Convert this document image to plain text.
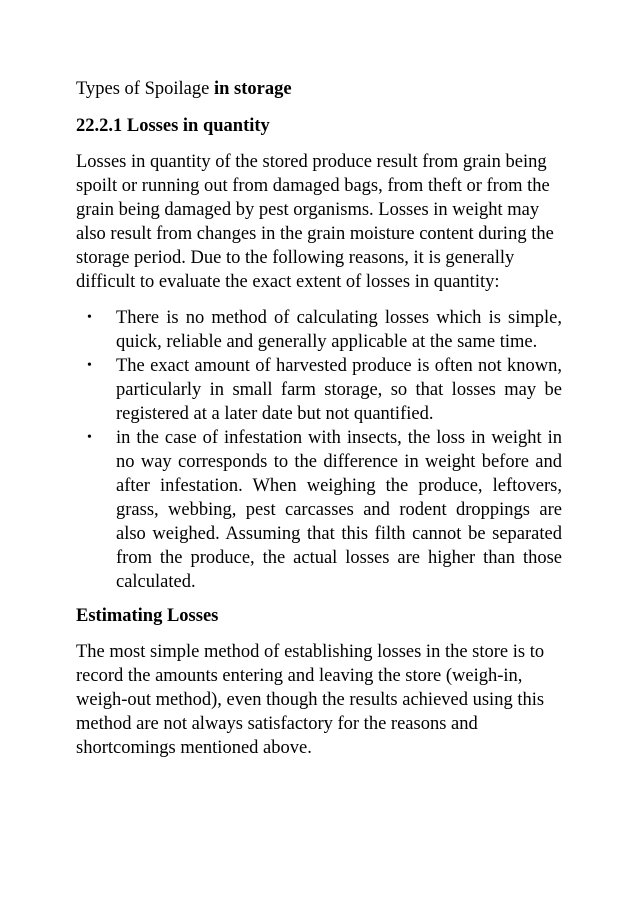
Types of Spoilage in storage
22.2.1 Losses in quantity

Losses in quantity of the stored produce result from grain being spoilt or running out from damaged bags, from theft or from the grain being damaged by pest organisms. Losses in weight may also result from changes in the grain moisture content during the storage period. Due to the following reasons, it is generally difficult to evaluate the exact extent of losses in quantity:

• There is no method of calculating losses which is simple, quick, reliable and generally applicable at the same time.
• The exact amount of harvested produce is often not known, particularly in small farm storage, so that losses may be registered at a later date but not quantified.
• in the case of infestation with insects, the loss in weight in no way corresponds to the difference in weight before and after infestation. When weighing the produce, leftovers, grass, webbing, pest carcasses and rodent droppings are also weighed. Assuming that this filth cannot be separated from the produce, the actual losses are higher than those calculated.
Estimating Losses

The most simple method of establishing losses in the store is to record the amounts entering and leaving the store (weigh-in, weigh-out method), even though the results achieved using this method are not always satisfactory for the reasons and shortcomings mentioned above.
